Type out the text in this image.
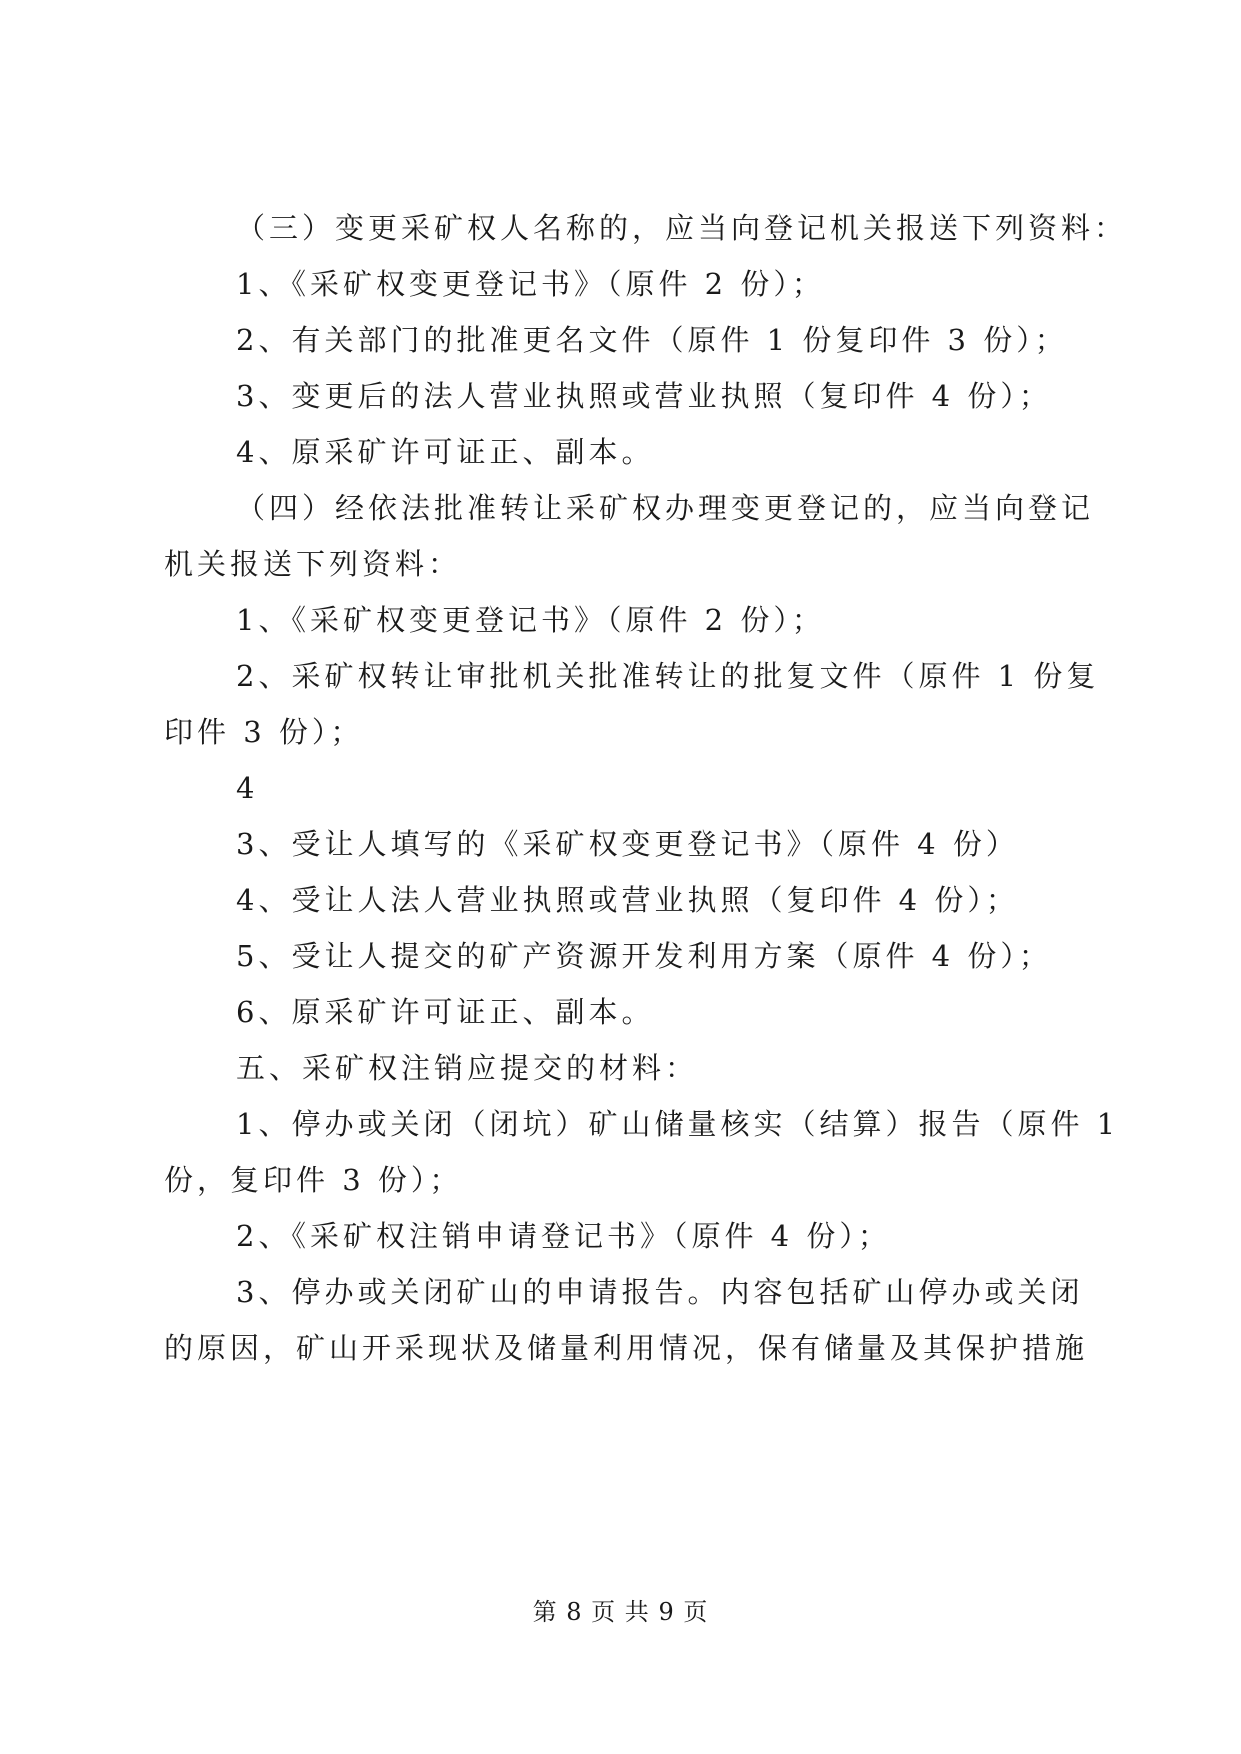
（三）变更采矿权人名称的，应当向登记机关报送下列资料：
1、《采矿权变更登记书》（原件 2 份）；
2、有关部门的批准更名文件（原件 1 份复印件 3 份）；
3、变更后的法人营业执照或营业执照（复印件 4 份）；
4、原采矿许可证正、副本。
（四）经依法批准转让采矿权办理变更登记的，应当向登记
机关报送下列资料：
1、《采矿权变更登记书》（原件 2 份）；
2、采矿权转让审批机关批准转让的批复文件（原件 1 份复
印件 3 份）；
4
3、受让人填写的《采矿权变更登记书》（原件 4 份）
4、受让人法人营业执照或营业执照（复印件 4 份）；
5、受让人提交的矿产资源开发利用方案（原件 4 份）；
6、原采矿许可证正、副本。
五、采矿权注销应提交的材料：
1、停办或关闭（闭坑）矿山储量核实（结算）报告（原件 1
份，复印件 3 份）；
2、《采矿权注销申请登记书》（原件 4 份）；
3、停办或关闭矿山的申请报告。内容包括矿山停办或关闭
的原因，矿山开采现状及储量利用情况，保有储量及其保护措施
第 8 页 共 9 页
